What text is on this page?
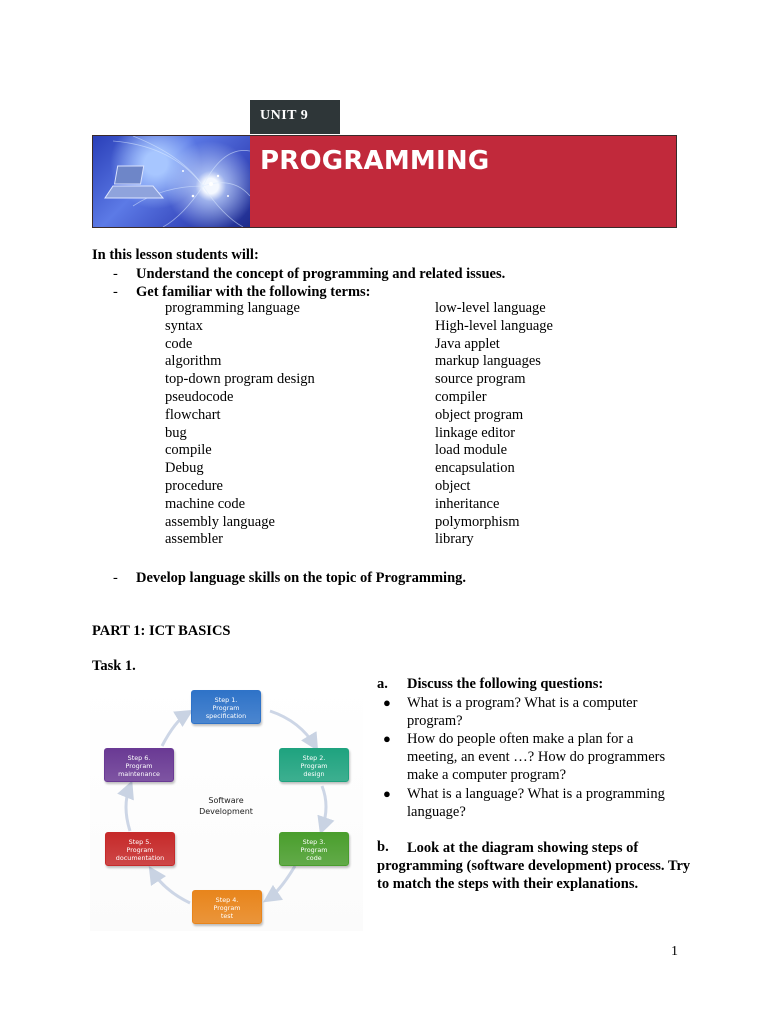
UNIT 9
PROGRAMMING
In this lesson students will:
- Understand the concept of programming and related issues.
- Get familiar with the following terms:
programming language
syntax
code
algorithm
top-down program design
pseudocode
flowchart
bug
compile
Debug
procedure
machine code
assembly language
assembler
low-level language
High-level language
Java applet
markup languages
source program
compiler
object program
linkage editor
load module
encapsulation
object
inheritance
polymorphism
library
- Develop language skills on the topic of Programming.
PART 1: ICT BASICS
Task 1.
Step 1.
Program
specification
Step 2.
Program
design
Step 3.
Program
code
Step 4.
Program
test
Step 5.
Program
documentation
Step 6.
Program
maintenance
Software
Development
a. Discuss the following questions:
● What is a program? What is a computer program?
● How do people often make a plan for a meeting, an event …? How do programmers make a computer program?
● What is a language? What is a programming language?
b.	Look at the diagram showing steps of programming (software development) process. Try to match the steps with their explanations.
1
